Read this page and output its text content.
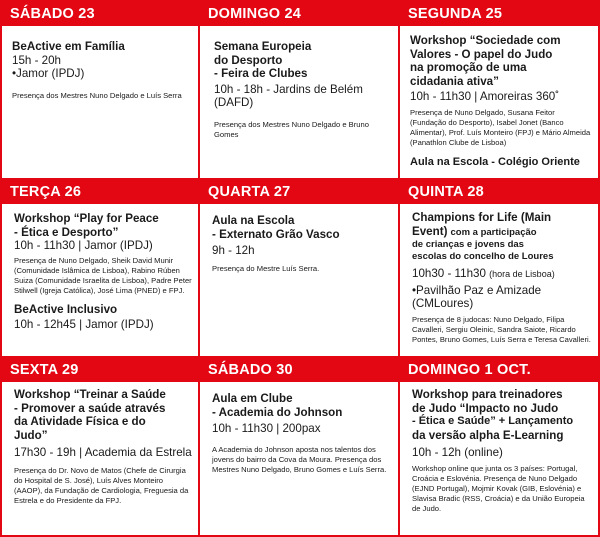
SÁBADO 23
BeActive em Família
15h - 20h
•Jamor (IPDJ)
Presença dos Mestres Nuno Delgado e Luís Serra
DOMINGO 24
Semana Europeia
do Desporto
- Feira de Clubes
10h - 18h - Jardins de Belém
(DAFD)
Presença dos Mestres Nuno Delgado e Bruno Gomes
SEGUNDA 25
Workshop “Sociedade com
Valores - O papel do Judo
na promoção de uma
cidadania ativa”
10h - 11h30 | Amoreiras 360˚
Presença de Nuno Delgado, Susana Feitor (Fundação do Desporto), Isabel Jonet (Banco Alimentar), Prof. Luís Monteiro (FPJ) e Mário Almeida (Panathlon Clube de Lisboa)
Aula na Escola - Colégio Oriente
TERÇA 26
Workshop “Play for Peace
- Ética e Desporto”
10h - 11h30 | Jamor (IPDJ)
Presença de Nuno Delgado, Sheik David Munir (Comunidade Islâmica de Lisboa), Rabino Rúben Suiza (Comunidade Israelita de Lisboa), Padre Peter Stilwell (Igreja Católica), José Lima (PNED) e FPJ.
BeActive Inclusivo
10h - 12h45 | Jamor (IPDJ)
QUARTA 27
Aula na Escola
- Externato Grão Vasco
9h - 12h
Presença do Mestre Luís Serra.
QUINTA 28
Champions for Life (Main
Event) com a participação
de crianças e jovens das
escolas do concelho de Loures
10h30 - 11h30 (hora de Lisboa)
•Pavilhão Paz e Amizade
(CMLoures)
Presença de 8 judocas: Nuno Delgado, Filipa Cavalleri, Sergiu Oleinic, Sandra Saiote, Ricardo Pontes, Bruno Gomes, Luís Serra e Teresa Cavalleri.
SEXTA 29
Workshop “Treinar a Saúde
- Promover a saúde através
da Atividade Física e do
Judo”
17h30 - 19h | Academia da Estrela
Presença do Dr. Novo de Matos (Chefe de Cirurgia do Hospital de S. José), Luís Alves Monteiro (AAOP), da Fundação de Cardiologia, Freguesia da Estrela e do Presidente da FPJ.
SÁBADO 30
Aula em Clube
- Academia do Johnson
10h - 11h30 | 200pax
A Academia do Johnson aposta nos talentos dos jovens do bairro da Cova da Moura. Presença dos Mestres Nuno Delgado, Bruno Gomes e Luís Serra.
DOMINGO 1 OCT.
Workshop para treinadores
de Judo “Impacto no Judo
- Ética e Saúde” + Lançamento
da versão alpha E-Learning
10h - 12h (online)
Workshop online que junta os 3 países: Portugal, Croácia e Eslovénia. Presença de Nuno Delgado (EJND Portugal), Mojmir Kovak (GIB, Eslovénia) e Slavisa Bradic (RSS, Croácia) e da União Europeia de Judo.
